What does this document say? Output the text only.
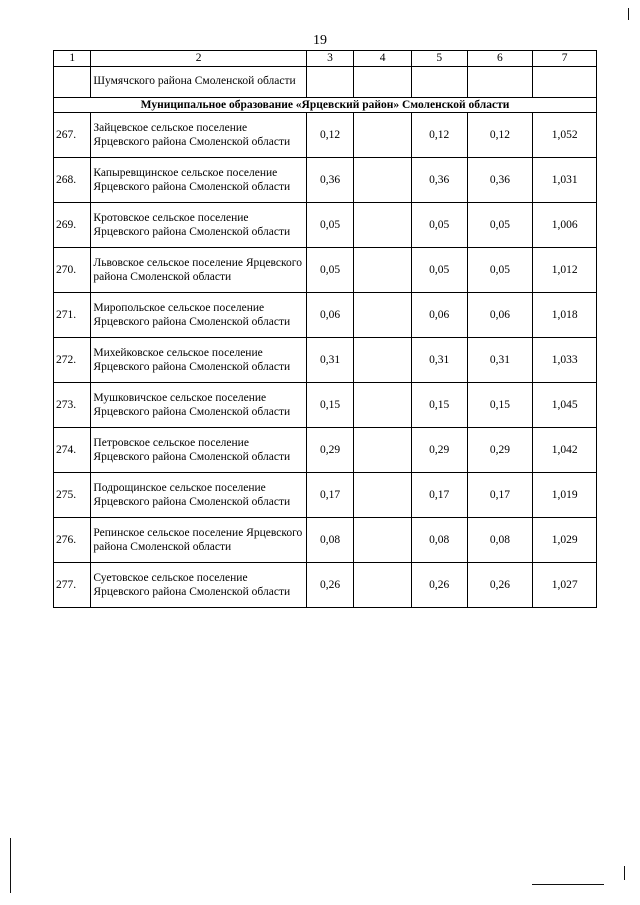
19
1	2	3	4	5	6	7
	Шумячского района Смоленской области					
Муниципальное образование «Ярцевский район» Смоленской области						
267.	Зайцевское сельское поселение Ярцевского района Смоленской области	0,12		0,12	0,12	1,052
268.	Капыревщинское сельское поселение Ярцевского района Смоленской области	0,36		0,36	0,36	1,031
269.	Кротовское сельское поселение Ярцевского района Смоленской области	0,05		0,05	0,05	1,006
270.	Львовское сельское поселение Ярцевского района Смоленской области	0,05		0,05	0,05	1,012
271.	Миропольское сельское поселение Ярцевского района Смоленской области	0,06		0,06	0,06	1,018
272.	Михейковское сельское поселение Ярцевского района Смоленской области	0,31		0,31	0,31	1,033
273.	Мушковичское сельское поселение Ярцевского района Смоленской области	0,15		0,15	0,15	1,045
274.	Петровское сельское поселение Ярцевского района Смоленской области	0,29		0,29	0,29	1,042
275.	Подрощинское сельское поселение Ярцевского района Смоленской области	0,17		0,17	0,17	1,019
276.	Репинское сельское поселение Ярцевского района Смоленской области	0,08		0,08	0,08	1,029
277.	Суетовское сельское поселение Ярцевского района Смоленской области	0,26		0,26	0,26	1,027
